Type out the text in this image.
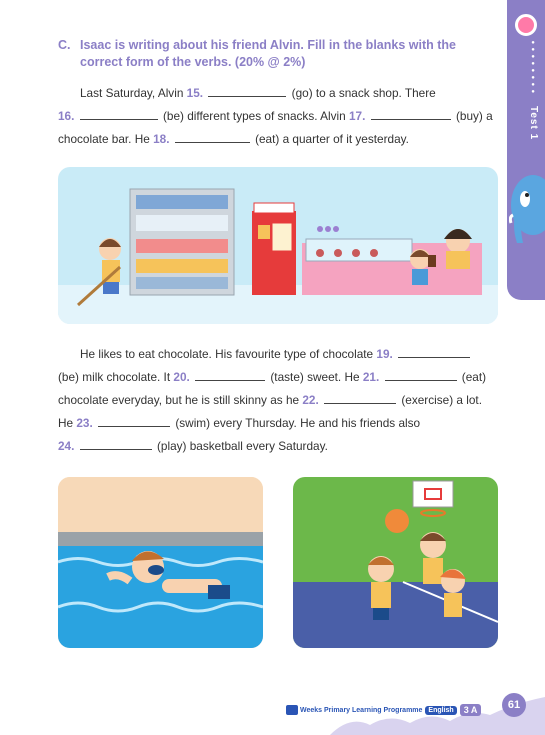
●●●●●●●● Test 1
C. Isaac is writing about his friend Alvin. Fill in the blanks with the
correct form of the verbs. (20% @ 2%)
Last Saturday, Alvin 15.	(go) to a snack shop. There
16.	(be) different types of snacks. Alvin 17.	(buy) a
chocolate bar. He 18.	(eat) a quarter of it yesterday.
He likes to eat chocolate. His favourite type of chocolate 19.
(be) milk chocolate. It 20.	(taste) sweet. He 21.	(eat)
chocolate everyday, but he is still skinny as he 22.	(exercise) a lot.
He 23.	(swim) every Thursday. He and his friends also
24.	(play) basketball every Saturday.
Weeks Primary Learning Programme English	3 A	61
